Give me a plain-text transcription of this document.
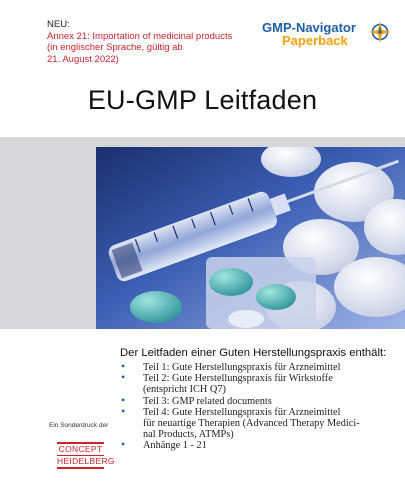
NEU:
Annex 21: Importation of medicinal products
(in englischer Sprache, gültig ab
21. August 2022)
GMP-Navigator
Paperback
EU-GMP Leitfaden
Der Leitfaden einer Guten Herstellungspraxis enthält:
• Teil 1: Gute Herstellungspraxis für Arzneimittel
• Teil 2: Gute Herstellungspraxis für Wirkstoffe
(entspricht ICH Q7)
• Teil 3: GMP related documents
• Teil 4: Gute Herstellungspraxis für Arzneimittel
für neuartige Therapien (Advanced Therapy Medici-
nal Products, ATMPs)
• Anhänge 1 - 21
Ein Sonderdruck der
CONCEPT
HEIDELBERG
